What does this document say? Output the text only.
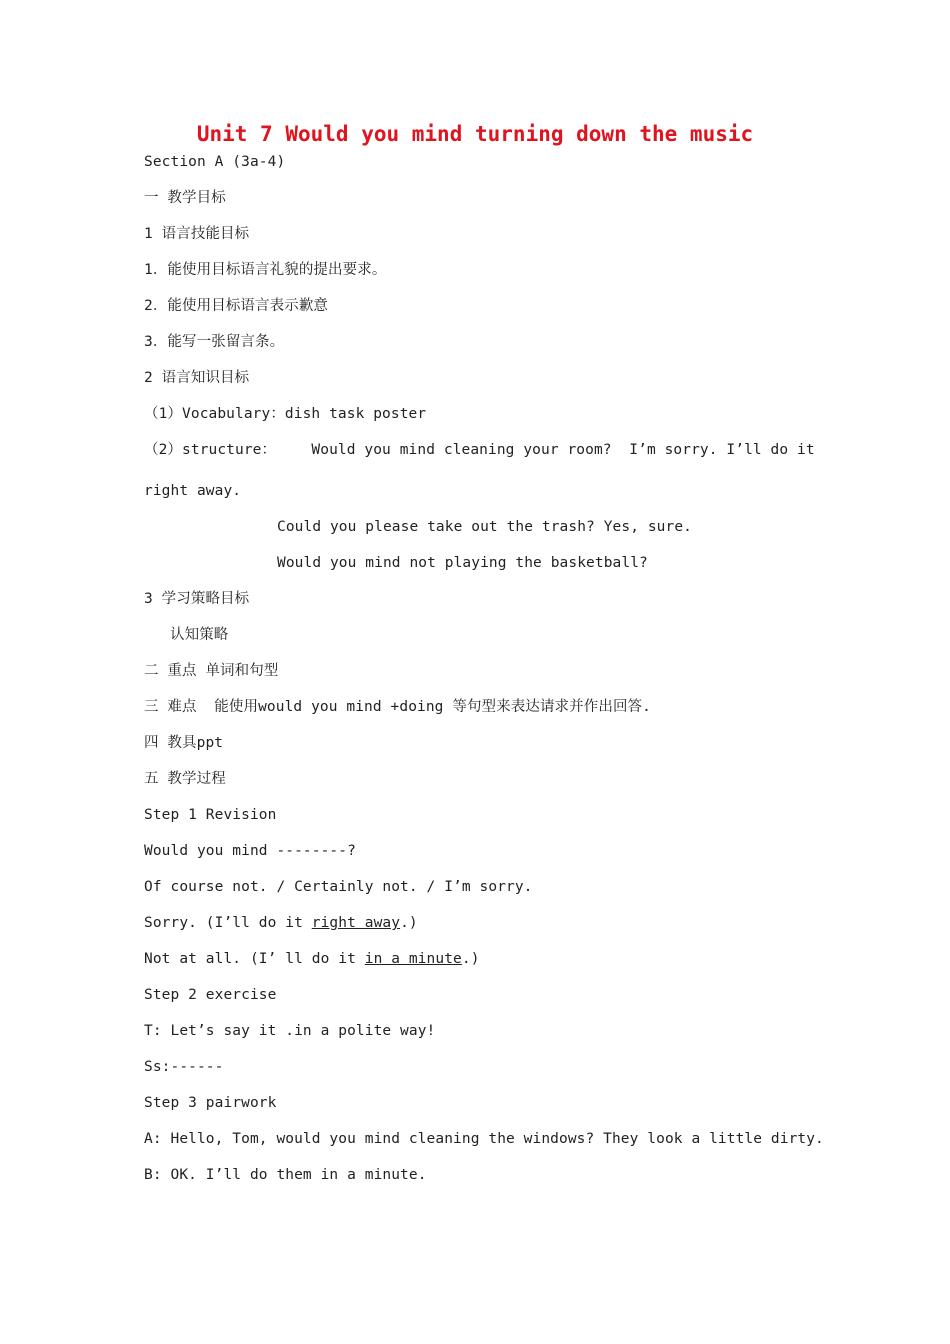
Unit 7 Would you mind turning down the music
Section A (3a-4)
一 教学目标
1 语言技能目标
1．能使用目标语言礼貌的提出要求。
2．能使用目标语言表示歉意
3．能写一张留言条。
2 语言知识目标
（1）Vocabulary：dish task poster
（2）structure：    Would you mind cleaning your room?  I’m sorry. I’ll do it
right away.
Could you please take out the trash? Yes, sure.
Would you mind not playing the basketball?
3 学习策略目标
认知策略
二 重点 单词和句型
三 难点  能使用would you mind +doing 等句型来表达请求并作出回答.
四 教具ppt
五 教学过程
Step 1 Revision
Would you mind --------?
Of course not. / Certainly not. / I’m sorry.
Sorry. (I’ll do it right away.)
Not at all. (I’ ll do it in a minute.)
Step 2 exercise
T: Let’s say it .in a polite way!
Ss:------
Step 3 pairwork
A: Hello, Tom, would you mind cleaning the windows? They look a little dirty.
B: OK. I’ll do them in a minute.
